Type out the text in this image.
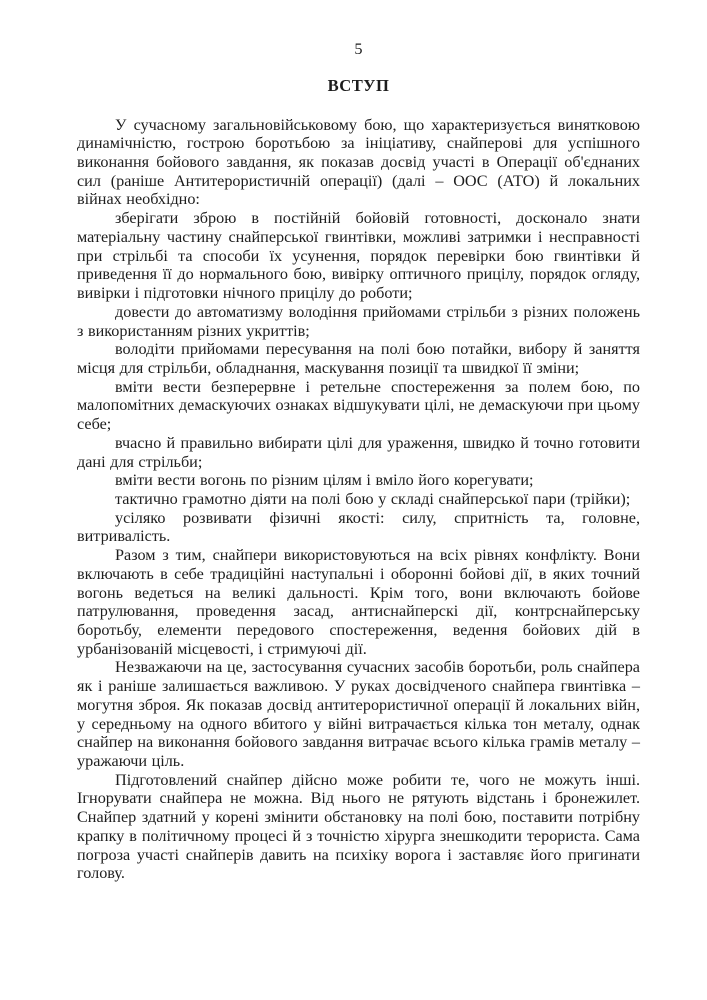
5
ВСТУП

У сучасному загальновійськовому бою, що характеризується винятковою динамічністю, гострою боротьбою за ініціативу, снайперові для успішного виконання бойового завдання, як показав досвід участі в Операції об'єднаних сил (раніше Антитерористичній операції) (далі – ООС (АТО) й локальних війнах необхідно:

зберігати зброю в постійній бойовій готовності, досконало знати матеріальну частину снайперської гвинтівки, можливі затримки і несправності при стрільбі та способи їх усунення, порядок перевірки бою гвинтівки й приведення її до нормального бою, вивірку оптичного прицілу, порядок огляду, вивірки і підготовки нічного прицілу до роботи;

довести до автоматизму володіння прийомами стрільби з різних положень з використанням різних укриттів;

володіти прийомами пересування на полі бою потайки, вибору й заняття місця для стрільби, обладнання, маскування позиції та швидкої її зміни;

вміти вести безперервне і ретельне спостереження за полем бою, по малопомітних демаскуючих ознаках відшукувати цілі, не демаскуючи при цьому себе;

вчасно й правильно вибирати цілі для ураження, швидко й точно готовити дані для стрільби;

вміти вести вогонь по різним цілям і вміло його корегувати;

тактично грамотно діяти на полі бою у складі снайперської пари (трійки);

усіляко розвивати фізичні якості: силу, спритність та, головне, витривалість.

Разом з тим, снайпери використовуються на всіх рівнях конфлікту. Вони включають в себе традиційні наступальні і оборонні бойові дії, в яких точний вогонь ведеться на великі дальності. Крім того, вони включають бойове патрулювання, проведення засад, антиснайперскі дії, контрснайперську боротьбу, елементи передового спостереження, ведення бойових дій в урбанізованій місцевості, і стримуючі дії.

Незважаючи на це, застосування сучасних засобів боротьби, роль снайпера як і раніше залишається важливою. У руках досвідченого снайпера гвинтівка – могутня зброя. Як показав досвід антитерористичної операції й локальних війн, у середньому на одного вбитого у війні витрачається кілька тон металу, однак снайпер на виконання бойового завдання витрачає всього кілька грамів металу – уражаючи ціль.

Підготовлений снайпер дійсно може робити те, чого не можуть інші. Ігнорувати снайпера не можна. Від нього не рятують відстань і бронежилет. Снайпер здатний у корені змінити обстановку на полі бою, поставити потрібну крапку в політичному процесі й з точністю хірурга знешкодити терориста. Сама погроза участі снайперів давить на психіку ворога і заставляє його пригинати голову.
